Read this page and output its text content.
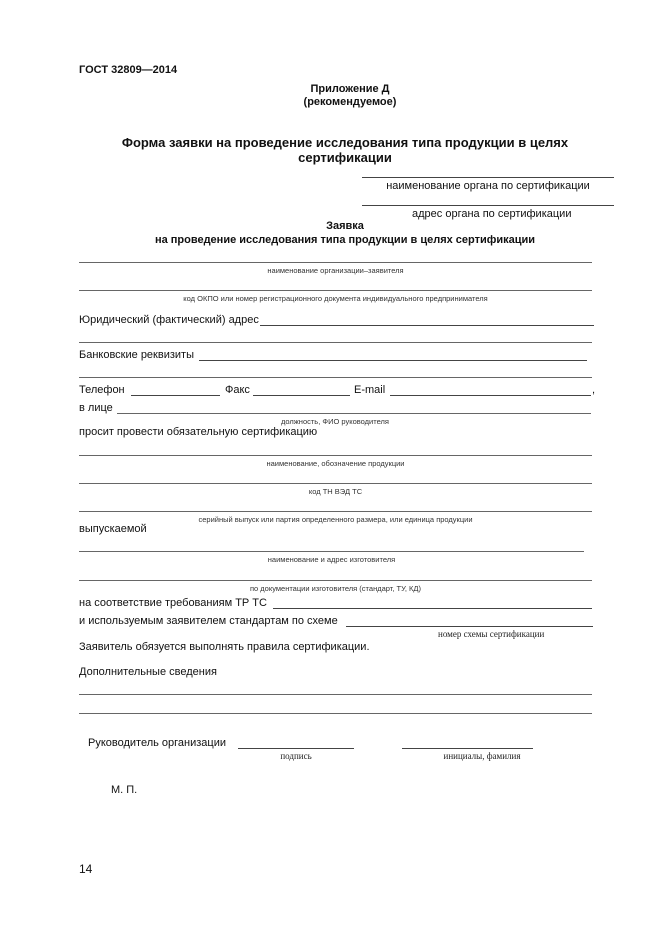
ГОСТ 32809—2014
Приложение Д
(рекомендуемое)
Форма заявки на проведение исследования типа продукции в целях
сертификации
наименование органа по сертификации
адрес органа по сертификации
Заявка
на проведение исследования типа продукции в целях сертификации
наименование организации–заявителя
код ОКПО или номер регистрационного документа индивидуального предпринимателя
Юридический (фактический) адрес
Банковские реквизиты
Телефон	Факс	E-mail	,
в лице
должность, ФИО руководителя
просит провести обязательную сертификацию
наименование, обозначение продукции
код ТН ВЭД ТС
серийный выпуск или партия определенного размера, или единица продукции
выпускаемой
наименование и адрес изготовителя
по документации изготовителя (стандарт, ТУ, КД)
на соответствие требованиям ТР ТС
и используемым заявителем стандартам по схеме
номер схемы сертификации
Заявитель обязуется выполнять правила сертификации.
Дополнительные сведения
Руководитель организации
подпись	инициалы, фамилия
М. П.
14
